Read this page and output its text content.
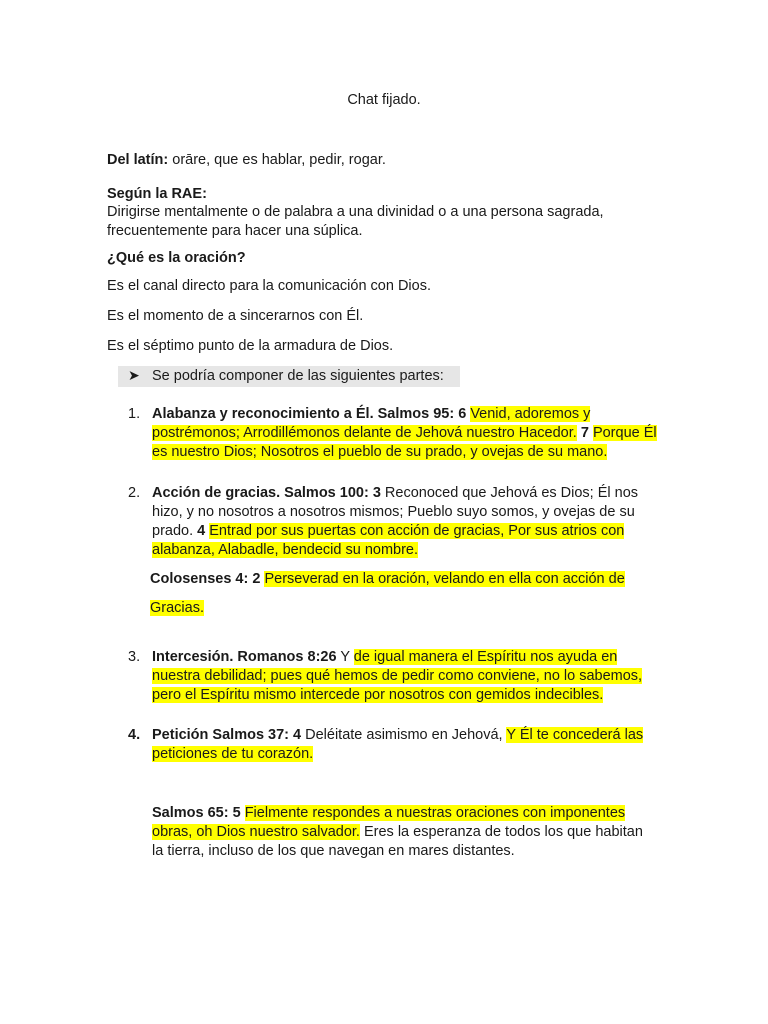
Chat fijado.
Del latín: orāre, que es hablar, pedir, rogar.
Según la RAE:
Dirigirse mentalmente o de palabra a una divinidad o a una persona sagrada, frecuentemente para hacer una súplica.
¿Qué es la oración?
Es el canal directo para la comunicación con Dios.
Es el momento de a sincerarnos con Él.
Es el séptimo punto de la armadura de Dios.
➤ Se podría componer de las siguientes partes:
1. Alabanza y reconocimiento a Él. Salmos 95: 6 Venid, adoremos y postrémonos; Arrodillémonos delante de Jehová nuestro Hacedor. 7 Porque Él es nuestro Dios; Nosotros el pueblo de su prado, y ovejas de su mano.
2. Acción de gracias. Salmos 100: 3 Reconoced que Jehová es Dios; Él nos hizo, y no nosotros a nosotros mismos; Pueblo suyo somos, y ovejas de su prado. 4 Entrad por sus puertas con acción de gracias, Por sus atrios con alabanza, Alabadle, bendecid su nombre.
Colosenses 4: 2 Perseverad en la oración, velando en ella con acción de
Gracias.
3. Intercesión. Romanos 8:26 Y de igual manera el Espíritu nos ayuda en nuestra debilidad; pues qué hemos de pedir como conviene, no lo sabemos, pero el Espíritu mismo intercede por nosotros con gemidos indecibles.
4. Petición Salmos 37: 4 Deléitate asimismo en Jehová, Y Él te concederá las peticiones de tu corazón.
Salmos 65: 5 Fielmente respondes a nuestras oraciones con imponentes obras, oh Dios nuestro salvador. Eres la esperanza de todos los que habitan la tierra, incluso de los que navegan en mares distantes.
